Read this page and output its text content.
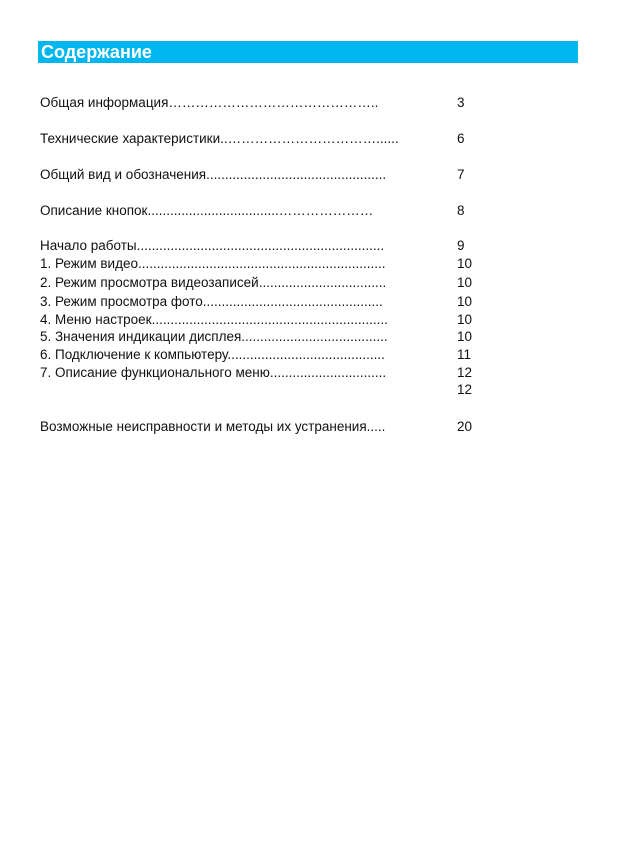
Содержание
Общая информация………………………………………..	3
Технические характеристики..……………………………......	6
Общий вид и обозначения................................................	7
Описание кнопок...................................…………………	8
Начало работы..................................................................	9
1. Режим видео..................................................................	10
2. Режим просмотра видеозаписей..................................	10
3. Режим просмотра фото................................................	10
4. Меню настроек...............................................................	10
5. Значения индикации дисплея.......................................	10
6. Подключение к компьютеру..........................................	11
7. Описание функционального меню...............................	12
12
Возможные неисправности и методы их устранения.....	20
